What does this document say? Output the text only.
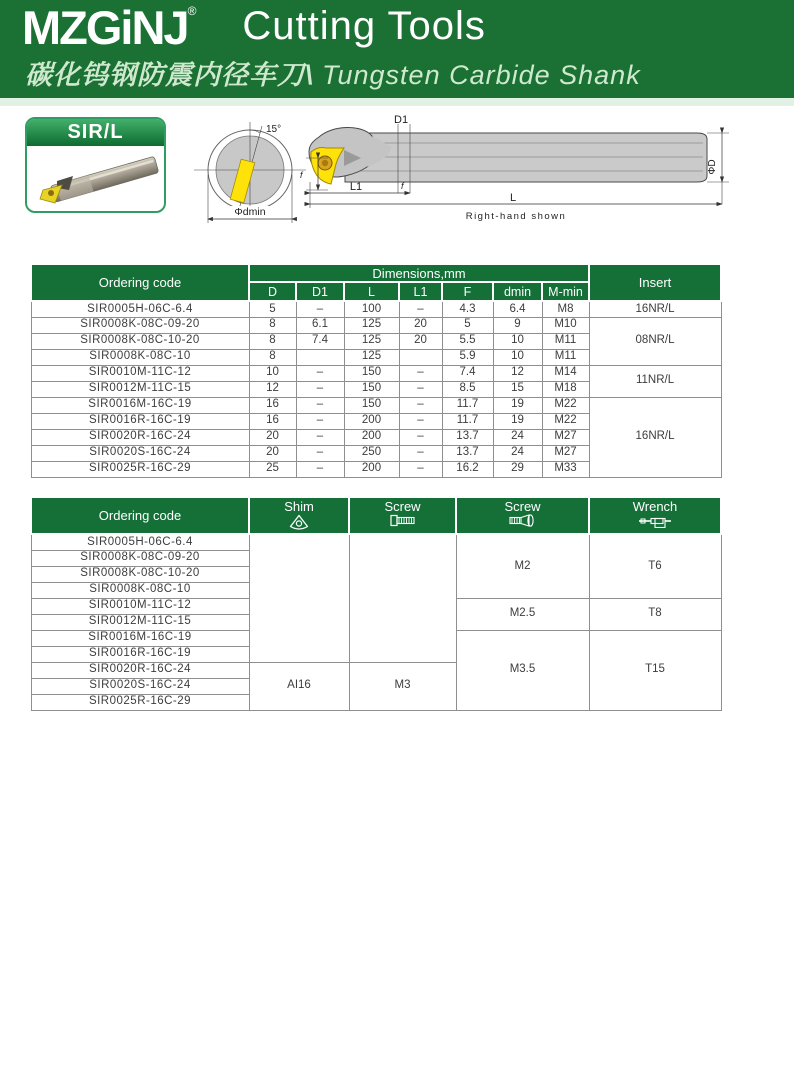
MZGiNJ® Cutting Tools
碳化钨钢防震内径车刀\ Tungsten Carbide Shank
SIR/L	15°
Φdmin
D1
f
L1	f
L
ΦD
Right-hand shown
Ordering code	Dimensions,mm							Insert
	D	D1	L	L1	F	dmin	M-min	
SIR0005H-06C-6.4	5	–	100	–	4.3	6.4	M8	16NR/L
SIR0008K-08C-09-20	8	6.1	125	20	5	9	M10	08NR/L
SIR0008K-08C-10-20	8	7.4	125	20	5.5	10	M11	
SIR0008K-08C-10	8		125		5.9	10	M11	
SIR0010M-11C-12	10	–	150	–	7.4	12	M14	11NR/L
SIR0012M-11C-15	12	–	150	–	8.5	15	M18	
SIR0016M-16C-19	16	–	150	–	11.7	19	M22	16NR/L
SIR0016R-16C-19	16	–	200	–	11.7	19	M22	
SIR0020R-16C-24	20	–	200	–	13.7	24	M27	
SIR0020S-16C-24	20	–	250	–	13.7	24	M27	
SIR0025R-16C-29	25	–	200	–	16.2	29	M33	
Ordering code	Shim	Screw	Screw	Wrench

SIR0005H-06C-6.4			M2	T6
SIR0008K-08C-09-20				
SIR0008K-08C-10-20				
SIR0008K-08C-10				
SIR0010M-11C-12			M2.5	T8
SIR0012M-11C-15				
SIR0016M-16C-19			M3.5	T15
SIR0016R-16C-19				
SIR0020R-16C-24	AI16	M3		
SIR0020S-16C-24				
SIR0025R-16C-29				
